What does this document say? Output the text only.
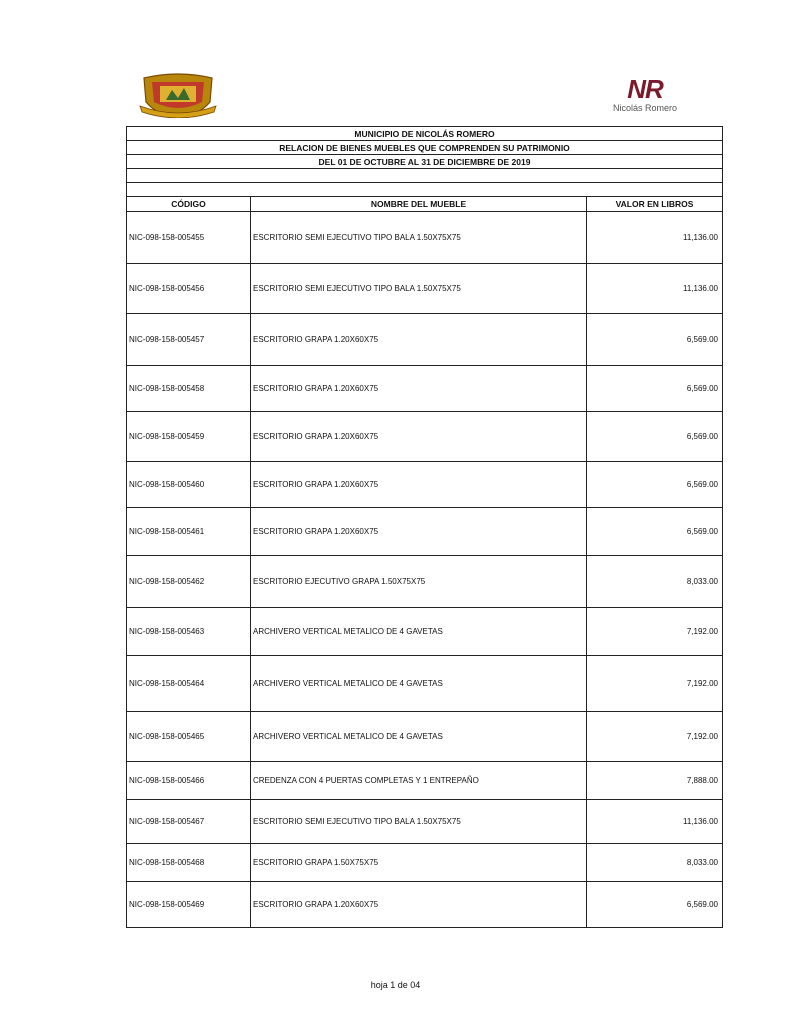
NR
Nicolás Romero
MUNICIPIO DE NICOLÁS ROMERO		
RELACION DE BIENES MUEBLES QUE COMPRENDEN SU PATRIMONIO		
DEL 01 DE OCTUBRE AL 31 DE DICIEMBRE DE 2019		

CÓDIGO	NOMBRE DEL MUEBLE	VALOR EN LIBROS
NIC-098-158-005455	ESCRITORIO SEMI EJECUTIVO TIPO BALA 1.50X75X75	11,136.00
NIC-098-158-005456	ESCRITORIO SEMI EJECUTIVO TIPO BALA 1.50X75X75	11,136.00
NIC-098-158-005457	ESCRITORIO GRAPA 1.20X60X75	6,569.00
NIC-098-158-005458	ESCRITORIO GRAPA 1.20X60X75	6,569.00
NIC-098-158-005459	ESCRITORIO GRAPA 1.20X60X75	6,569.00
NIC-098-158-005460	ESCRITORIO GRAPA 1.20X60X75	6,569.00
NIC-098-158-005461	ESCRITORIO GRAPA 1.20X60X75	6,569.00
NIC-098-158-005462	ESCRITORIO EJECUTIVO GRAPA 1.50X75X75	8,033.00
NIC-098-158-005463	ARCHIVERO VERTICAL METALICO DE 4 GAVETAS	7,192.00
NIC-098-158-005464	ARCHIVERO VERTICAL METALICO DE 4 GAVETAS	7,192.00
NIC-098-158-005465	ARCHIVERO VERTICAL METALICO DE 4 GAVETAS	7,192.00
NIC-098-158-005466	CREDENZA CON 4 PUERTAS COMPLETAS Y 1 ENTREPAÑO	7,888.00
NIC-098-158-005467	ESCRITORIO SEMI EJECUTIVO TIPO BALA 1.50X75X75	11,136.00
NIC-098-158-005468	ESCRITORIO GRAPA 1.50X75X75	8,033.00
NIC-098-158-005469	ESCRITORIO GRAPA 1.20X60X75	6,569.00
hoja 1 de 04
